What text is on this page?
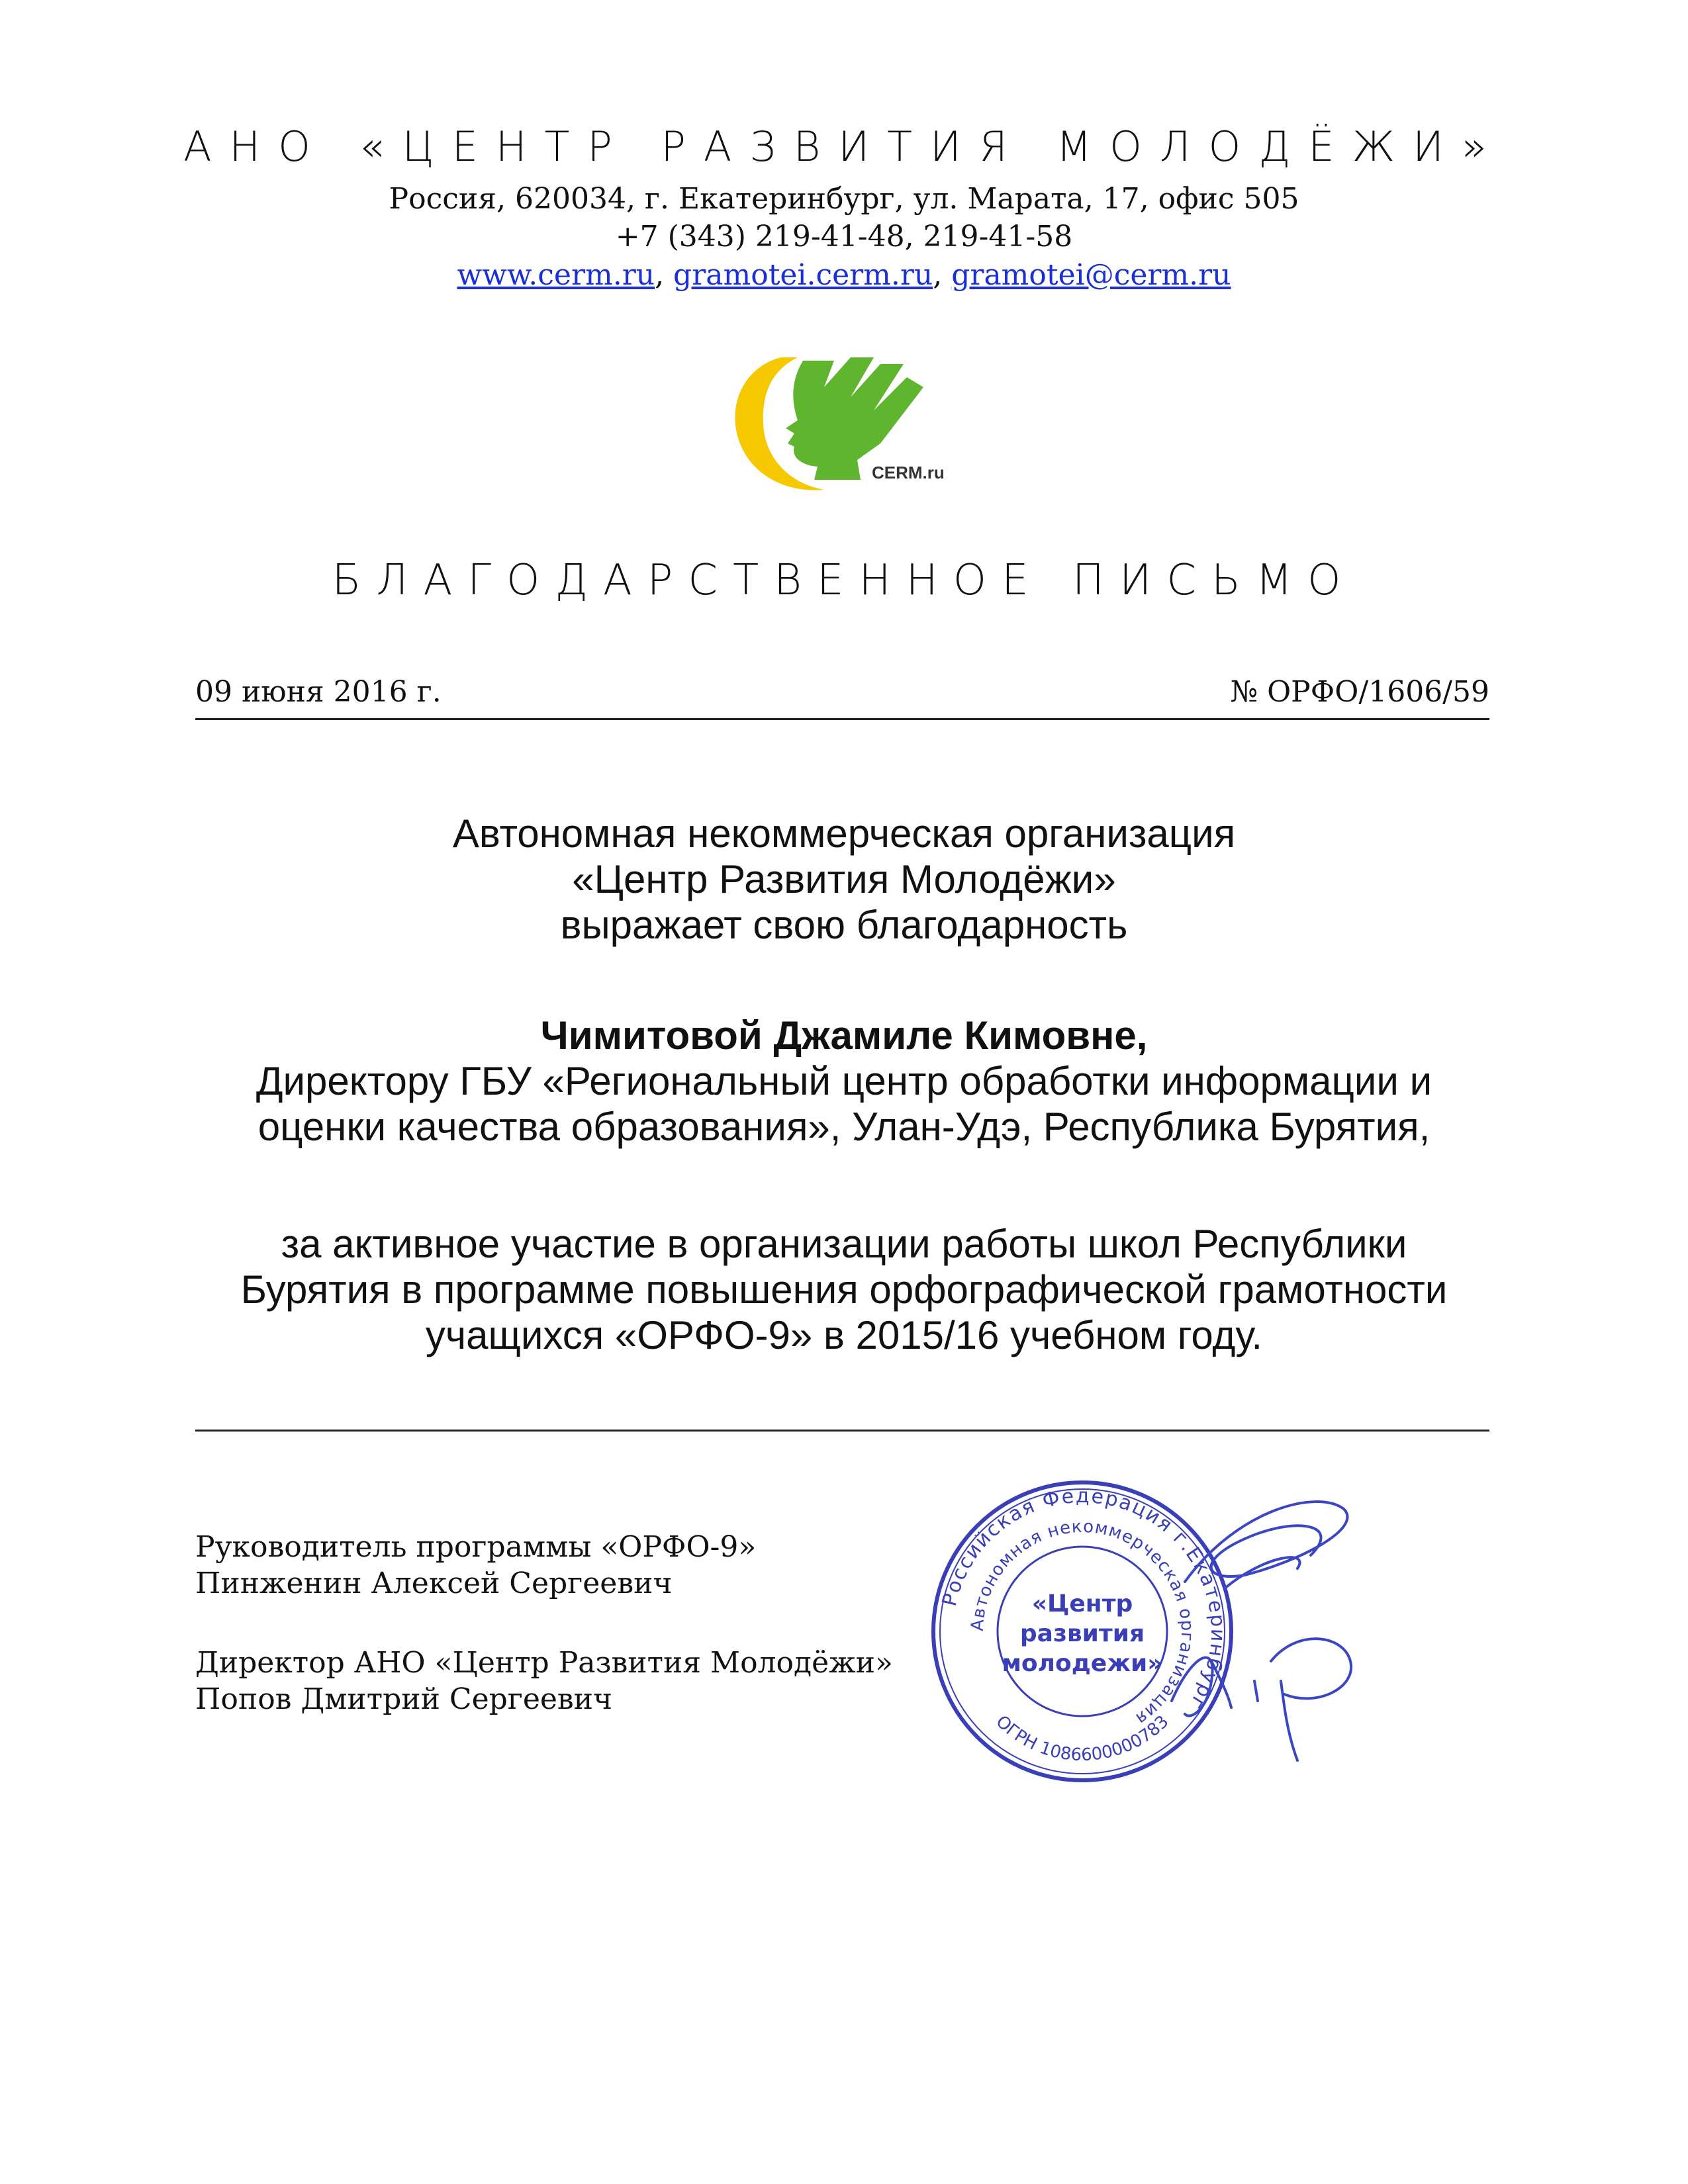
АНО «ЦЕНТР РАЗВИТИЯ МОЛОДЁЖИ»
Россия, 620034, г. Екатеринбург, ул. Марата, 17, офис 505
+7 (343) 219-41-48, 219-41-58
www.cerm.ru, gramotei.cerm.ru, gramotei@cerm.ru
CERM.ru
БЛАГОДАРСТВЕННОЕ ПИСЬМО
09 июня 2016 г.	№ ОРФО/1606/59
Автономная некоммерческая организация
«Центр Развития Молодёжи»
выражает свою благодарность
Чимитовой Джамиле Кимовне,
Директору ГБУ «Региональный центр обработки информации и
оценки качества образования», Улан-Удэ, Республика Бурятия,
за активное участие в организации работы школ Республики
Бурятия в программе повышения орфографической грамотности
учащихся «ОРФО-9» в 2015/16 учебном году.
Руководитель программы «ОРФО-9»
Пинженин Алексей Сергеевич
Директор АНО «Центр Развития Молодёжи»
Попов Дмитрий Сергеевич
Российская Федерация г.Екатеринбург
Автономная некоммерческая организация
ОГРН 1086600000783
«Центр
развития
молодежи»
